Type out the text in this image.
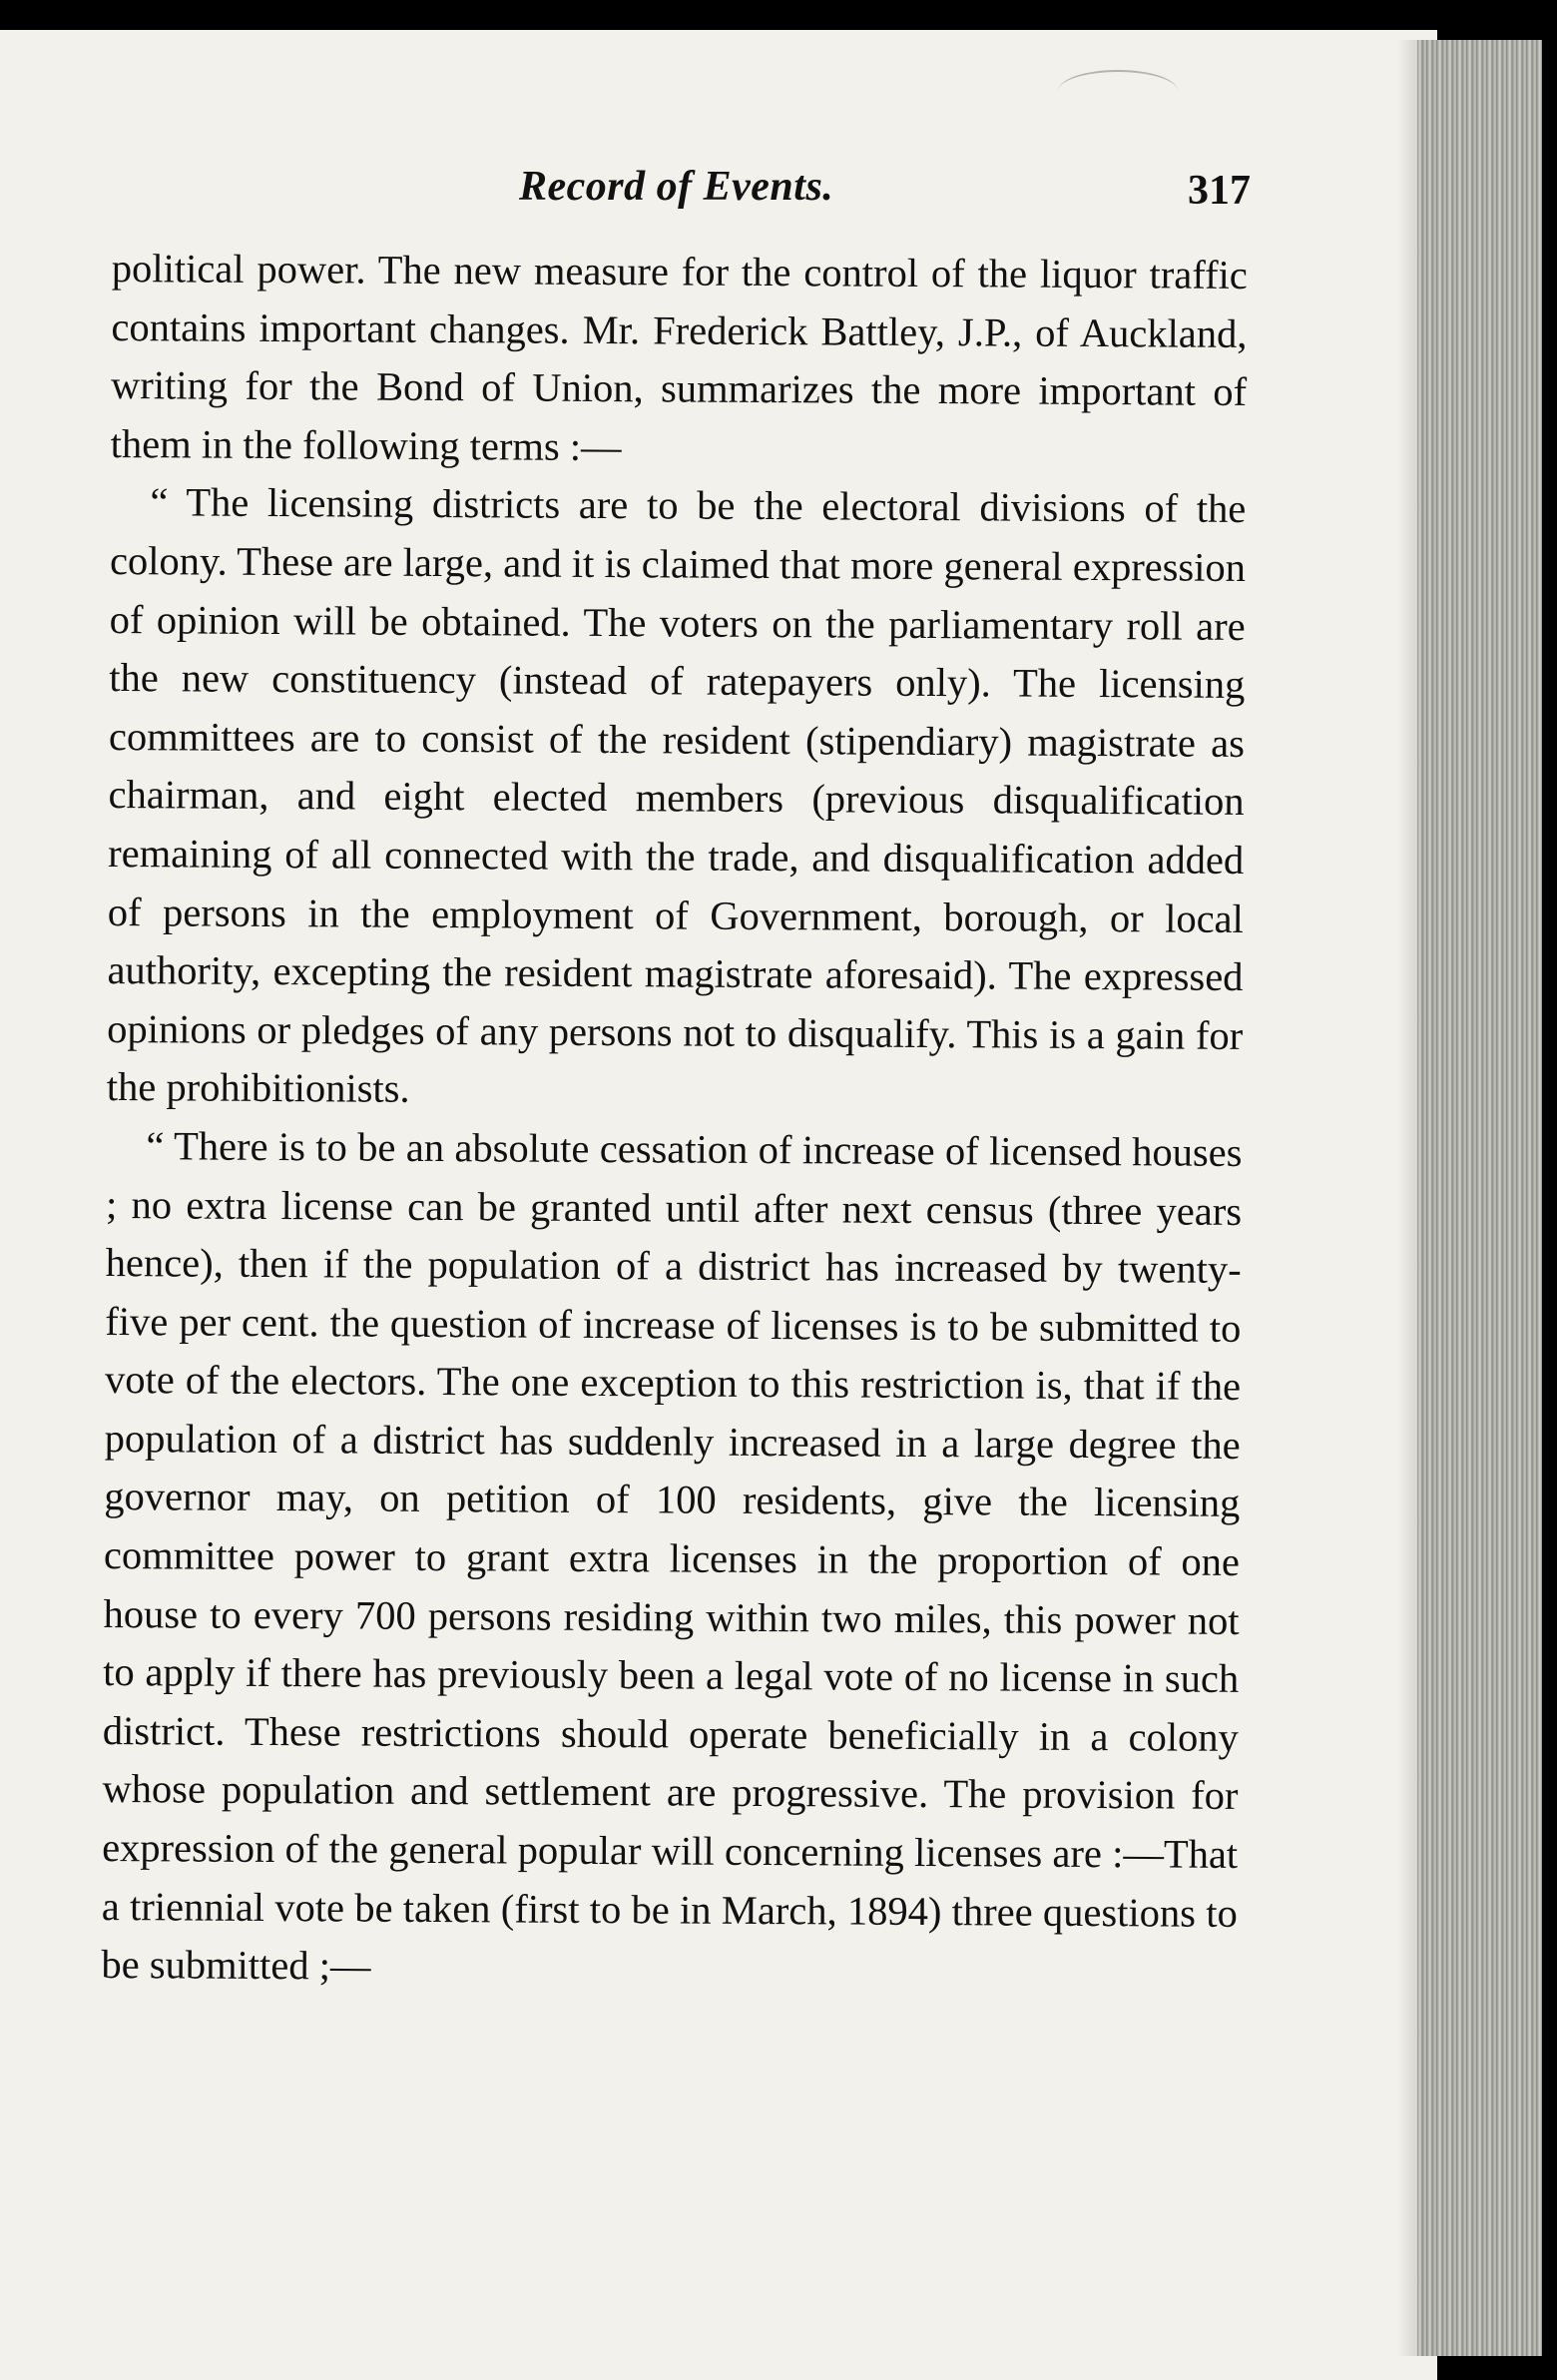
Record of Events.	317

political power. The new measure for the control of the liquor traffic contains important changes. Mr. Frederick Battley, J.P., of Auckland, writing for the Bond of Union, summarizes the more important of them in the following terms :—

“ The licensing districts are to be the electoral divisions of the colony. These are large, and it is claimed that more general expression of opinion will be obtained. The voters on the parliamentary roll are the new constituency (instead of ratepayers only). The licensing committees are to consist of the resident (stipendiary) magistrate as chairman, and eight elected members (previous disqualification remaining of all connected with the trade, and disqualification added of persons in the employment of Government, borough, or local authority, excepting the resident magistrate aforesaid). The expressed opinions or pledges of any persons not to disqualify. This is a gain for the prohibitionists.

“ There is to be an absolute cessation of increase of licensed houses ; no extra license can be granted until after next census (three years hence), then if the population of a district has increased by twenty-five per cent. the question of increase of licenses is to be submitted to vote of the electors. The one exception to this restriction is, that if the population of a district has suddenly increased in a large degree the governor may, on petition of 100 residents, give the licensing committee power to grant extra licenses in the proportion of one house to every 700 persons residing within two miles, this power not to apply if there has previously been a legal vote of no license in such district. These restrictions should operate beneficially in a colony whose population and settlement are progressive. The provision for expression of the general popular will concerning licenses are :—That a triennial vote be taken (first to be in March, 1894) three questions to be submitted ;—
